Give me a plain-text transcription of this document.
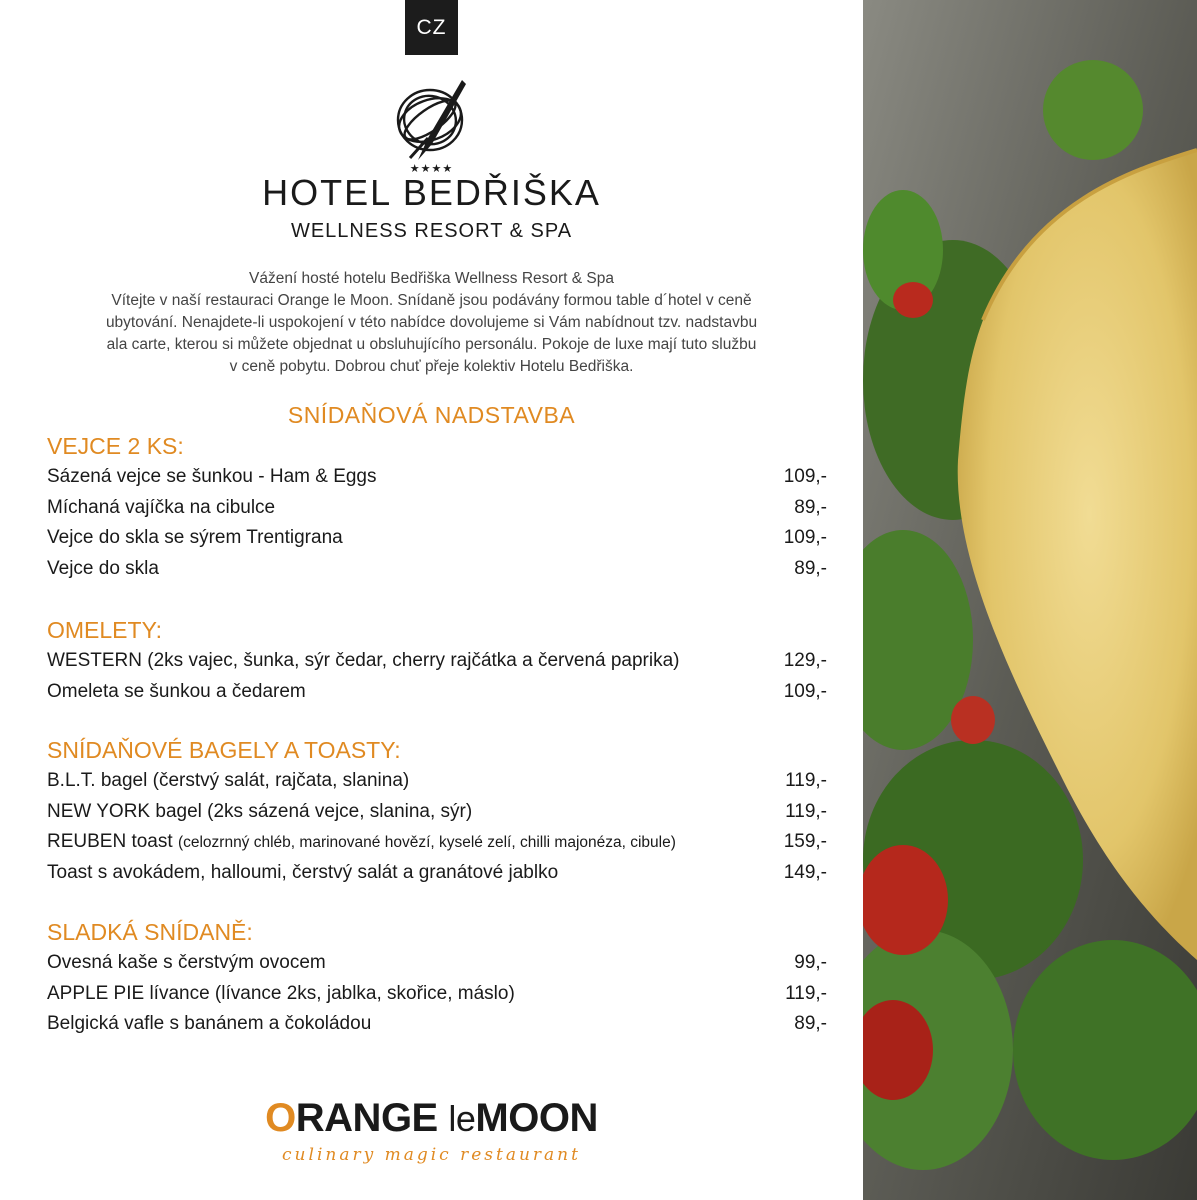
CZ
★★★★
HOTEL BEDŘIŠKA
WELLNESS RESORT & SPA
Vážení hosté hotelu Bedřiška Wellness Resort & Spa
Vítejte v naší restauraci Orange le Moon. Snídaně jsou podávány formou table d´hotel v ceně
ubytování. Nenajdete-li uspokojení v této nabídce dovolujeme si Vám nabídnout tzv. nadstavbu
ala carte, kterou si můžete objednat u obsluhujícího personálu. Pokoje de luxe mají tuto službu
v ceně pobytu. Dobrou chuť přeje kolektiv Hotelu Bedřiška.
SNÍDAŇOVÁ NADSTAVBA
VEJCE 2 KS:
Sázená vejce se šunkou - Ham & Eggs	109,-
Míchaná vajíčka na cibulce	89,-
Vejce do skla se sýrem Trentigrana	109,-
Vejce do skla	89,-
OMELETY:
WESTERN (2ks vajec, šunka, sýr čedar, cherry rajčátka a červená paprika)	129,-
Omeleta se šunkou a čedarem	109,-
SNÍDAŇOVÉ BAGELY A TOASTY:
B.L.T. bagel (čerstvý salát, rajčata, slanina)	119,-
NEW YORK bagel (2ks sázená vejce, slanina, sýr)	119,-
REUBEN toast (celozrnný chléb, marinované hovězí, kyselé zelí, chilli majonéza, cibule)	159,-
Toast s avokádem, halloumi, čerstvý salát a granátové jablko	149,-
SLADKÁ SNÍDANĚ:
Ovesná kaše s čerstvým ovocem	99,-
APPLE PIE lívance (lívance 2ks, jablka, skořice, máslo)	119,-
Belgická vafle s banánem a čokoládou	89,-
ORANGE leMOON
culinary magic restaurant
